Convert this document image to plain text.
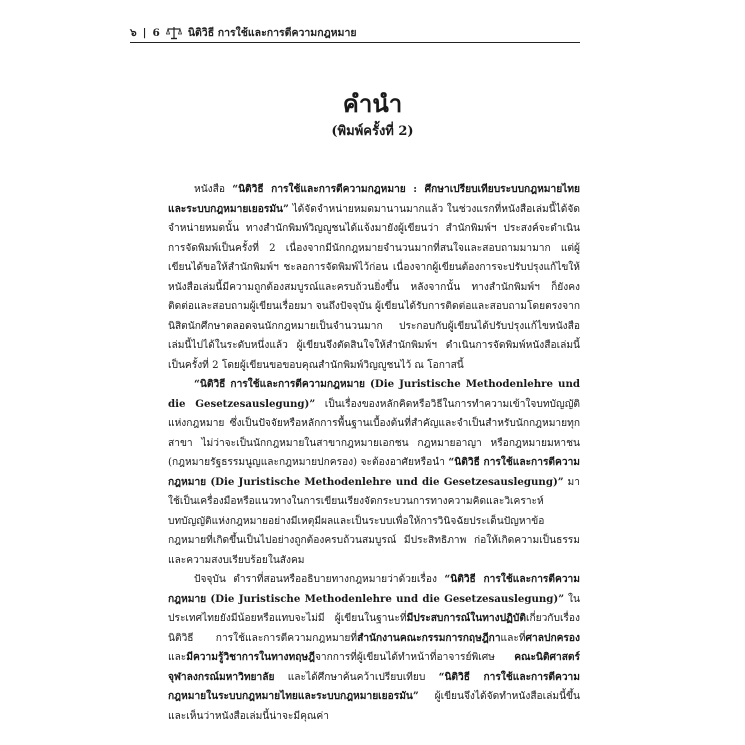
๖ | 6	นิติวิธี การใช้และการตีความกฎหมาย
คำนำ
(พิมพ์ครั้งที่ 2)

หนังสือ “นิติวิธี การใช้และการตีความกฎหมาย : ศึกษาเปรียบเทียบระบบกฎหมายไทยและระบบกฎหมายเยอรมัน” ได้จัดจำหน่ายหมดมานานมากแล้ว ในช่วงแรกที่หนังสือเล่มนี้ได้จัดจำหน่ายหมดนั้น ทางสำนักพิมพ์วิญญูชนได้แจ้งมายังผู้เขียนว่า สำนักพิมพ์ฯ ประสงค์จะดำเนินการจัดพิมพ์เป็นครั้งที่ 2 เนื่องจากมีนักกฎหมายจำนวนมากที่สนใจและสอบถามมามาก แต่ผู้เขียนได้ขอให้สำนักพิมพ์ฯ ชะลอการจัดพิมพ์ไว้ก่อน เนื่องจากผู้เขียนต้องการจะปรับปรุงแก้ไขให้หนังสือเล่มนี้มีความถูกต้องสมบูรณ์และครบถ้วนยิ่งขึ้น หลังจากนั้น ทางสำนักพิมพ์ฯ ก็ยังคงติดต่อและสอบถามผู้เขียนเรื่อยมา จนถึงปัจจุบัน ผู้เขียนได้รับการติดต่อและสอบถามโดยตรงจากนิสิตนักศึกษาตลอดจนนักกฎหมายเป็นจำนวนมาก ประกอบกับผู้เขียนได้ปรับปรุงแก้ไขหนังสือเล่มนี้ไปได้ในระดับหนึ่งแล้ว ผู้เขียนจึงตัดสินใจให้สำนักพิมพ์ฯ ดำเนินการจัดพิมพ์หนังสือเล่มนี้เป็นครั้งที่ 2 โดยผู้เขียนขอขอบคุณสำนักพิมพ์วิญญูชนไว้ ณ โอกาสนี้

“นิติวิธี การใช้และการตีความกฎหมาย (Die Juristische Methodenlehre und die Gesetzesauslegung)” เป็นเรื่องของหลักคิดหรือวิธีในการทำความเข้าใจบทบัญญัติแห่งกฎหมาย ซึ่งเป็นปัจจัยหรือหลักการพื้นฐานเบื้องต้นที่สำคัญและจำเป็นสำหรับนักกฎหมายทุกสาขา ไม่ว่าจะเป็นนักกฎหมายในสาขากฎหมายเอกชน กฎหมายอาญา หรือกฎหมายมหาชน (กฎหมายรัฐธรรมนูญและกฎหมายปกครอง) จะต้องอาศัยหรือนำ “นิติวิธี การใช้และการตีความกฎหมาย (Die Juristische Methodenlehre und die Gesetzesauslegung)” มาใช้เป็นเครื่องมือหรือแนวทางในการเขียนเรียงจัดกระบวนการทางความคิดและวิเคราะห์บทบัญญัติแห่งกฎหมายอย่างมีเหตุมีผลและเป็นระบบเพื่อให้การวินิจฉัยประเด็นปัญหาข้อกฎหมายที่เกิดขึ้นเป็นไปอย่างถูกต้องครบถ้วนสมบูรณ์ มีประสิทธิภาพ ก่อให้เกิดความเป็นธรรมและความสงบเรียบร้อยในสังคม

ปัจจุบัน ตำราที่สอนหรืออธิบายทางกฎหมายว่าด้วยเรื่อง “นิติวิธี การใช้และการตีความกฎหมาย (Die Juristische Methodenlehre und die Gesetzesauslegung)” ในประเทศไทยยังมีน้อยหรือแทบจะไม่มี ผู้เขียนในฐานะที่มีประสบการณ์ในทางปฏิบัติเกี่ยวกับเรื่องนิติวิธี การใช้และการตีความกฎหมายที่สำนักงานคณะกรรมการกฤษฎีกาและที่ศาลปกครอง และมีความรู้วิชาการในทางทฤษฎีจากการที่ผู้เขียนได้ทำหน้าที่อาจารย์พิเศษ คณะนิติศาสตร์ จุฬาลงกรณ์มหาวิทยาลัย และได้ศึกษาค้นคว้าเปรียบเทียบ “นิติวิธี การใช้และการตีความกฎหมายในระบบกฎหมายไทยและระบบกฎหมายเยอรมัน” ผู้เขียนจึงได้จัดทำหนังสือเล่มนี้ขึ้นและเห็นว่าหนังสือเล่มนี้น่าจะมีคุณค่า
